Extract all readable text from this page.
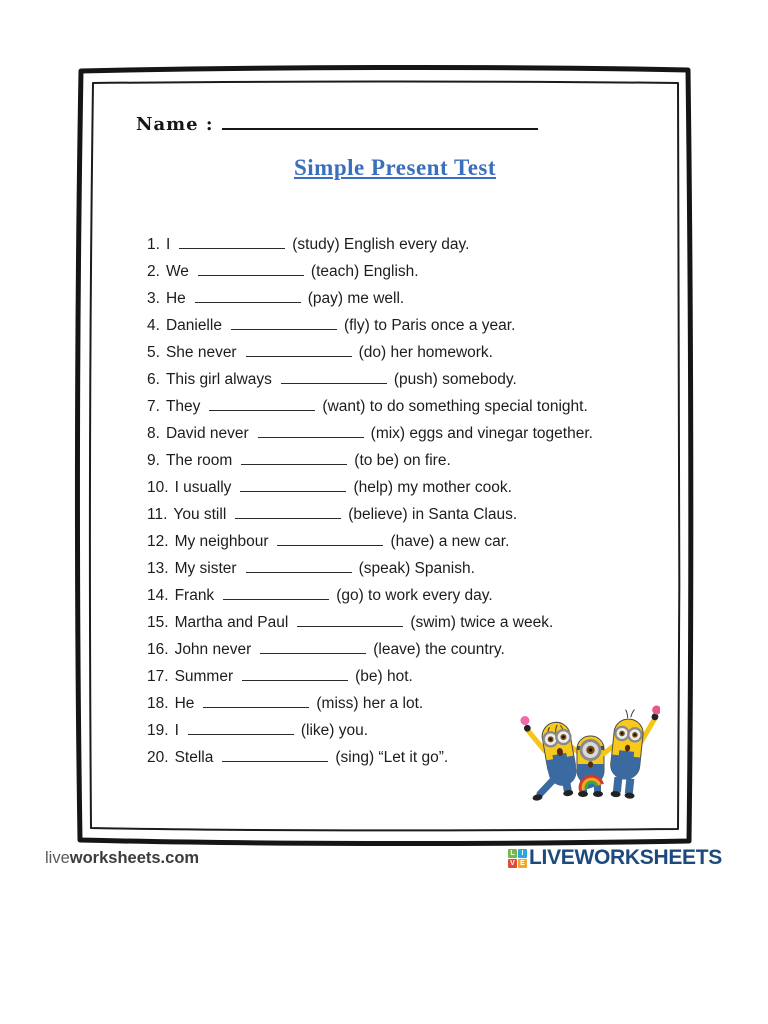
Name :
Simple Present Test
1. I	(study) English every day.
2. We	(teach) English.
3. He	(pay) me well.
4. Danielle	(fly) to Paris once a year.
5. She never	(do) her homework.
6. This girl always	(push) somebody.
7. They	(want) to do something special tonight.
8. David never	(mix) eggs and vinegar together.
9. The room	(to be) on fire.
10. I usually	(help) my mother cook.
11. You still	(believe) in Santa Claus.
12. My neighbour	(have) a new car.
13. My sister	(speak) Spanish.
14. Frank	(go) to work every day.
15. Martha and Paul	(swim) twice a week.
16. John never	(leave) the country.
17. Summer	(be) hot.
18. He	(miss) her a lot.
19. I	(like) you.
20. Stella	(sing) “Let it go”.
liveworksheets.com	L I
V E LIVEWORKSHEETS
